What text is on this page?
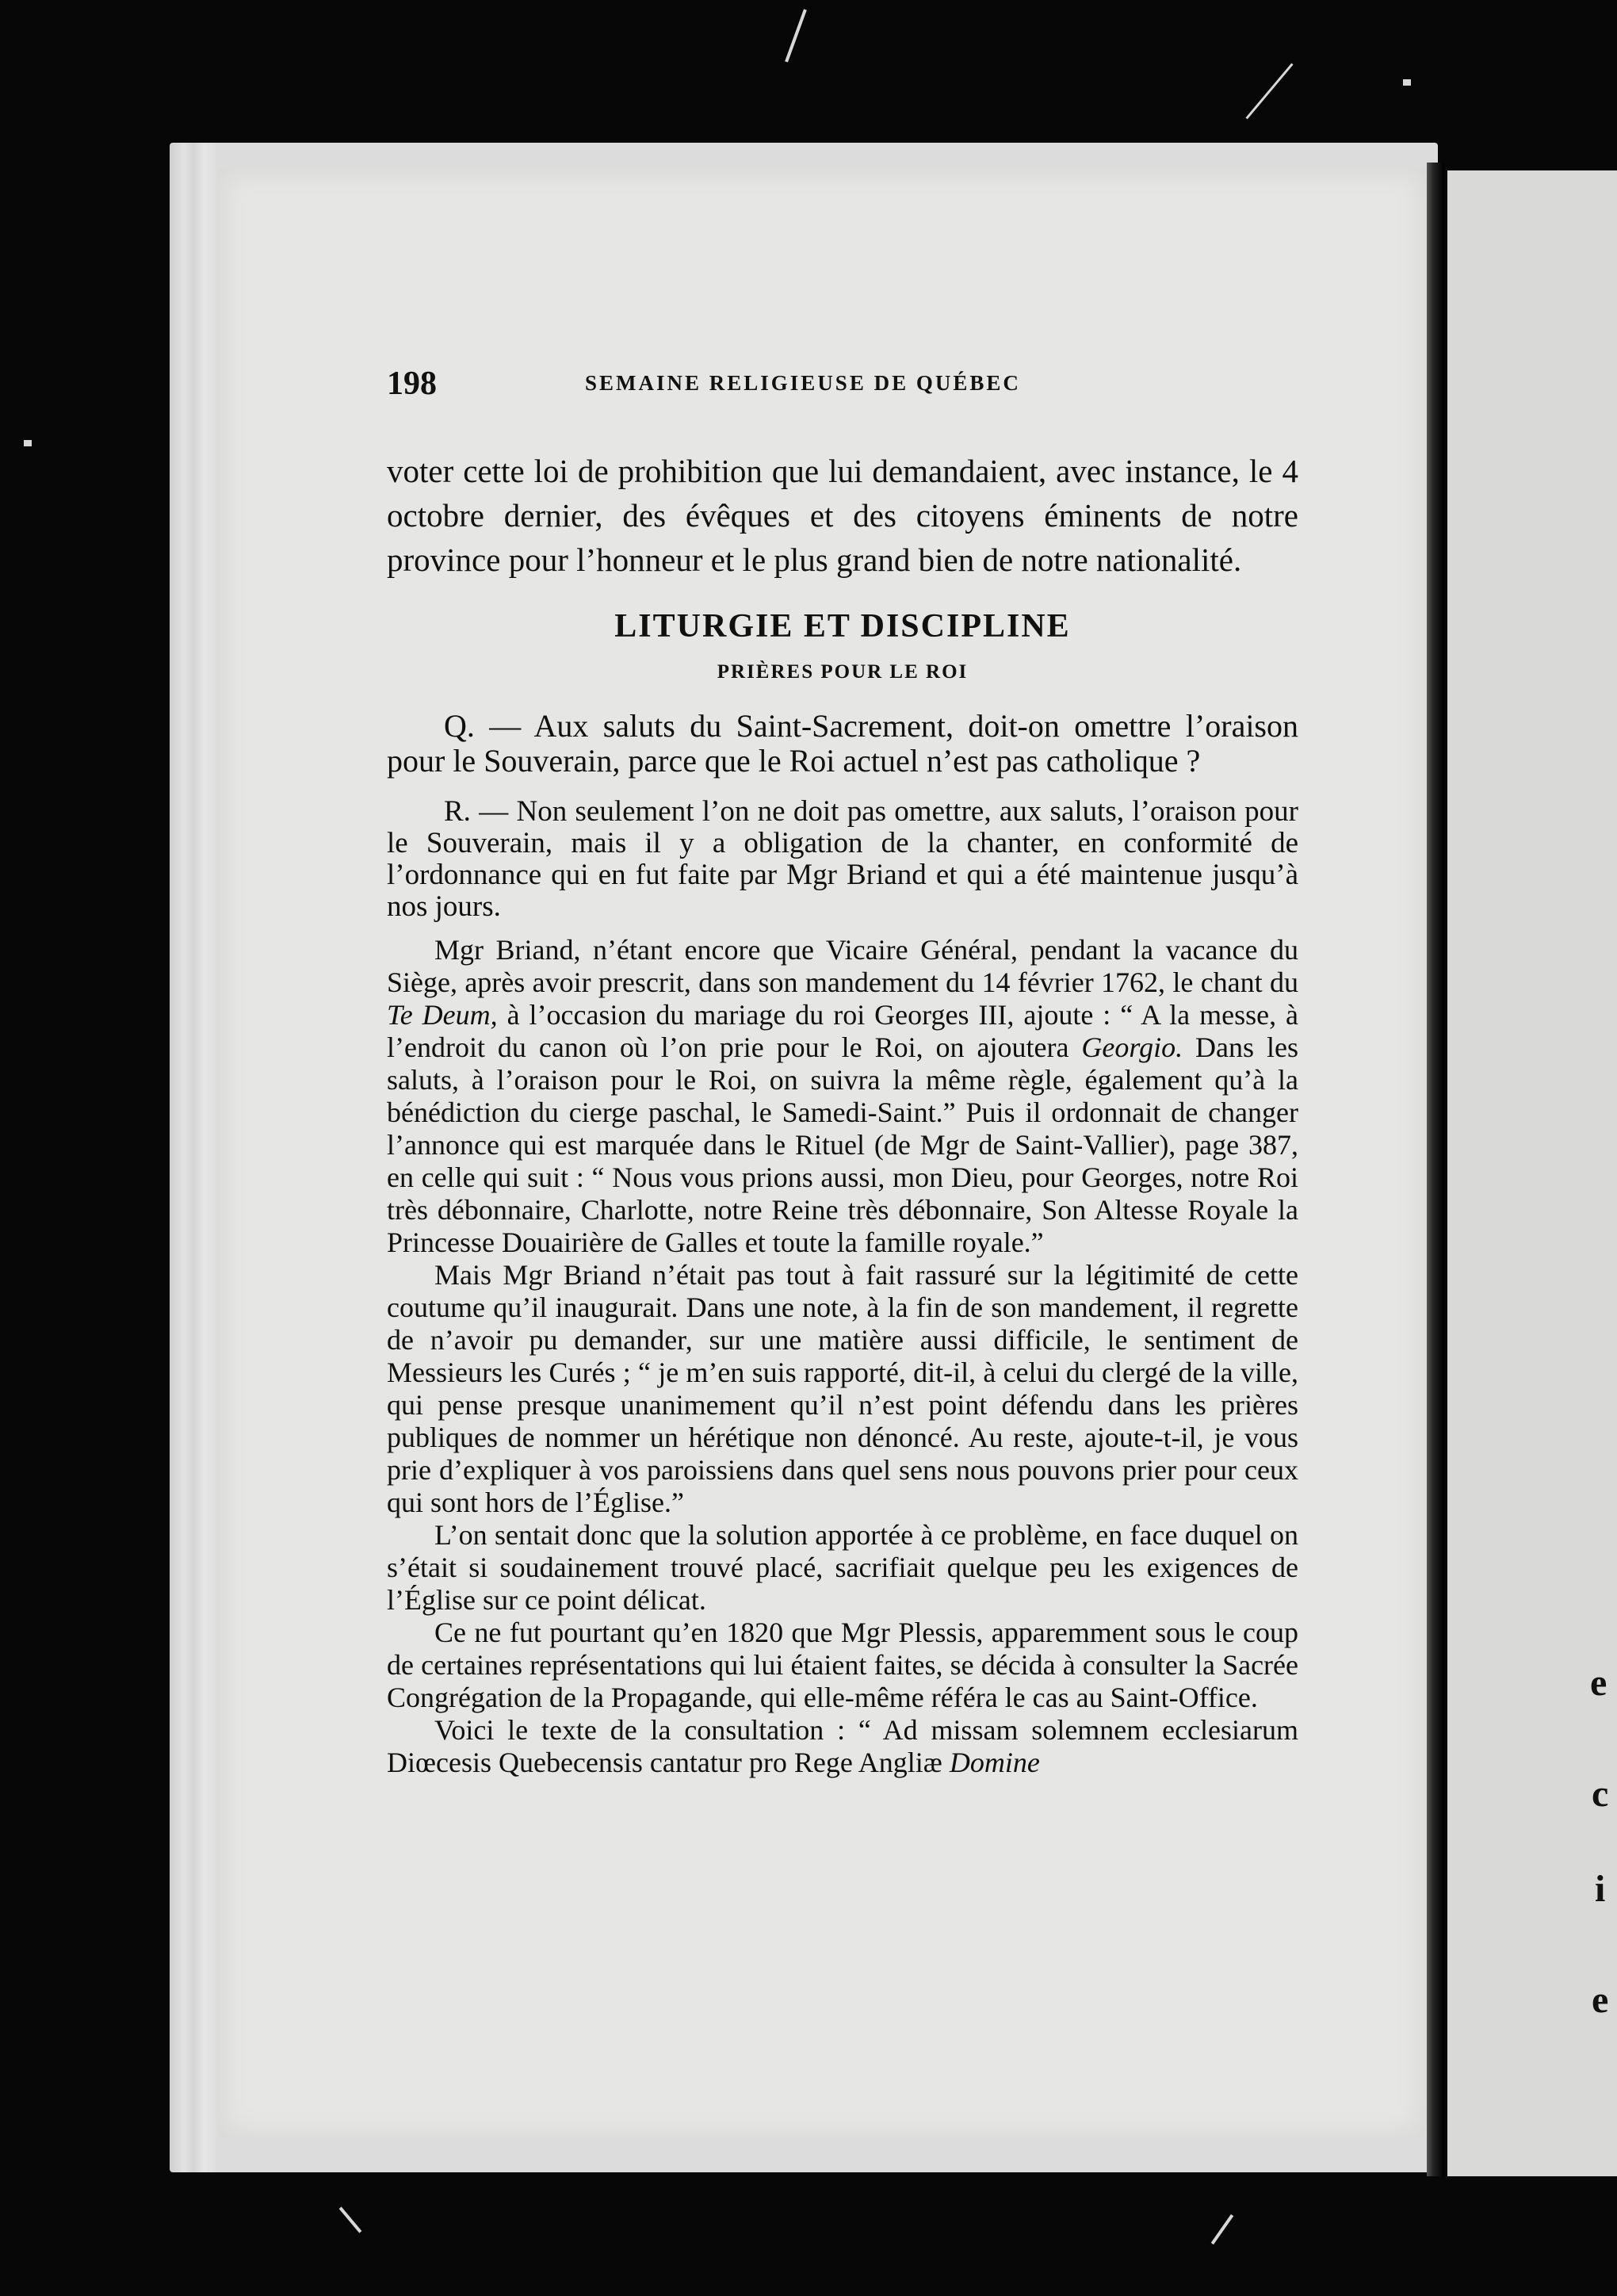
e
c
i
e
198	SEMAINE RELIGIEUSE DE QUÉBEC

voter cette loi de prohibition que lui demandaient, avec instance, le 4 octobre dernier, des évêques et des citoyens éminents de notre province pour l’honneur et le plus grand bien de notre nationalité.

LITURGIE ET DISCIPLINE
PRIÈRES POUR LE ROI

Q. — Aux saluts du Saint-Sacrement, doit-on omettre l’oraison pour le Souverain, parce que le Roi actuel n’est pas catholique ?

R. — Non seulement l’on ne doit pas omettre, aux saluts, l’oraison pour le Souverain, mais il y a obligation de la chanter, en conformité de l’ordonnance qui en fut faite par Mgr Briand et qui a été maintenue jusqu’à nos jours.

Mgr Briand, n’étant encore que Vicaire Général, pendant la vacance du Siège, après avoir prescrit, dans son mandement du 14 février 1762, le chant du Te Deum, à l’occasion du mariage du roi Georges III, ajoute : “ A la messe, à l’endroit du canon où l’on prie pour le Roi, on ajoutera Georgio. Dans les saluts, à l’oraison pour le Roi, on suivra la même règle, également qu’à la bénédiction du cierge paschal, le Samedi-Saint.” Puis il ordonnait de changer l’annonce qui est marquée dans le Rituel (de Mgr de Saint-Vallier), page 387, en celle qui suit : “ Nous vous prions aussi, mon Dieu, pour Georges, notre Roi très débonnaire, Charlotte, notre Reine très débonnaire, Son Altesse Royale la Princesse Douairière de Galles et toute la famille royale.”

Mais Mgr Briand n’était pas tout à fait rassuré sur la légitimité de cette coutume qu’il inaugurait. Dans une note, à la fin de son mandement, il regrette de n’avoir pu demander, sur une matière aussi difficile, le sentiment de Messieurs les Curés ; “ je m’en suis rapporté, dit-il, à celui du clergé de la ville, qui pense presque unanimement qu’il n’est point défendu dans les prières publiques de nommer un hérétique non dénoncé. Au reste, ajoute-t-il, je vous prie d’expliquer à vos paroissiens dans quel sens nous pouvons prier pour ceux qui sont hors de l’Église.”

L’on sentait donc que la solution apportée à ce problème, en face duquel on s’était si soudainement trouvé placé, sacrifiait quelque peu les exigences de l’Église sur ce point délicat.

Ce ne fut pourtant qu’en 1820 que Mgr Plessis, apparemment sous le coup de certaines représentations qui lui étaient faites, se décida à consulter la Sacrée Congrégation de la Propagande, qui elle-même référa le cas au Saint-Office.

Voici le texte de la consultation : “ Ad missam solemnem ecclesiarum Diœcesis Quebecensis cantatur pro Rege Angliæ Domine
